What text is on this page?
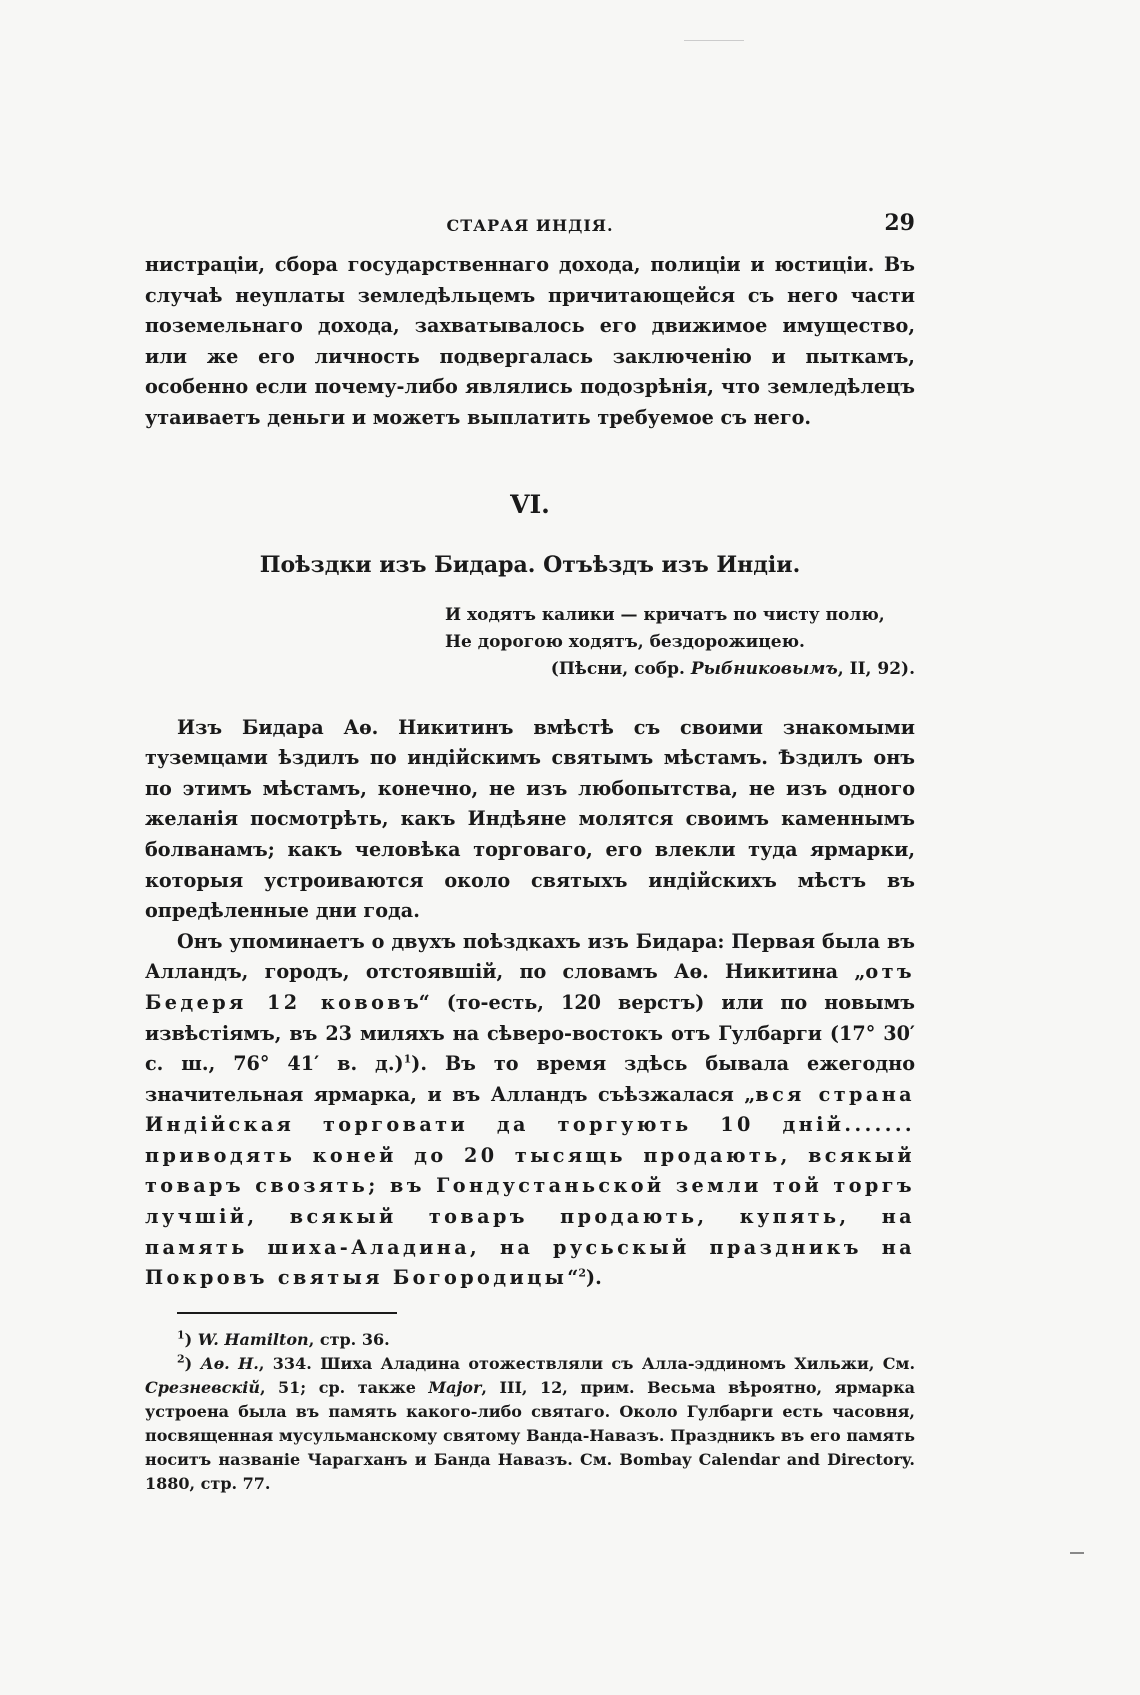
СТАРАЯ ИНДІЯ.	29

нистраціи, сбора государственнаго дохода, полиціи и юстиціи. Въ случаѣ неуплаты земледѣльцемъ причитающейся съ него части поземельнаго дохода, захватывалось его движимое имущество, или же его личность подвергалась заключенію и пыткамъ, особенно если почему-либо являлись подозрѣнія, что земледѣлецъ утаиваетъ деньги и можетъ выплатить требуемое съ него.

VI.
Поѣздки изъ Бидара. Отъѣздъ изъ Индіи.
И ходятъ калики — кричатъ по чисту полю,
Не дорогою ходятъ, бездорожицею.
(Пѣсни, собр. Рыбниковымъ, II, 92).

Изъ Бидара Аѳ. Никитинъ вмѣстѣ съ своими знакомыми туземцами ѣздилъ по индійскимъ святымъ мѣстамъ. Ѣздилъ онъ по этимъ мѣстамъ, конечно, не изъ любопытства, не изъ одного желанія посмотрѣть, какъ Индѣяне молятся своимъ каменнымъ болванамъ; какъ человѣка торговаго, его влекли туда ярмарки, которыя устроиваются около святыхъ индійскихъ мѣстъ въ опредѣленные дни года.

Онъ упоминаетъ о двухъ поѣздкахъ изъ Бидара: Первая была въ Алландъ, городъ, отстоявшій, по словамъ Аѳ. Никитина „отъ Бедеря 12 кововъ“ (то-есть, 120 верстъ) или по новымъ извѣстіямъ, въ 23 миляхъ на сѣверо-востокъ отъ Гулбарги (17° 30′ с. ш., 76° 41′ в. д.)$^1$). Въ то время здѣсь бывала ежегодно значительная ярмарка, и въ Алландъ съѣзжалася „вся страна Индійская торговати да торгують 10 днiй....... приводять коней до 20 тысящь продають, всякый товаръ свозять; въ Гондустаньской земли той торгъ лучшій, всякый товаръ продають, купять, на память шиха-Аладина, на русьскый праздникъ на Покровъ святыя Богородицы“$^2$).

$^1$) W. Hamilton, стр. 36.

$^2$) Аѳ. Н., 334. Шиха Аладина отожествляли съ Алла-эддиномъ Хильжи, См. Срезневскій, 51; ср. также Major, III, 12, прим. Весьма вѣроятно, ярмарка устроена была въ память какого-либо святаго. Около Гулбарги есть часовня, посвященная мусульманскому святому Ванда-Навазъ. Праздникъ въ его память носитъ названіе Чарагханъ и Банда Навазъ. См. Bombay Calendar and Directory. 1880, стр. 77.
